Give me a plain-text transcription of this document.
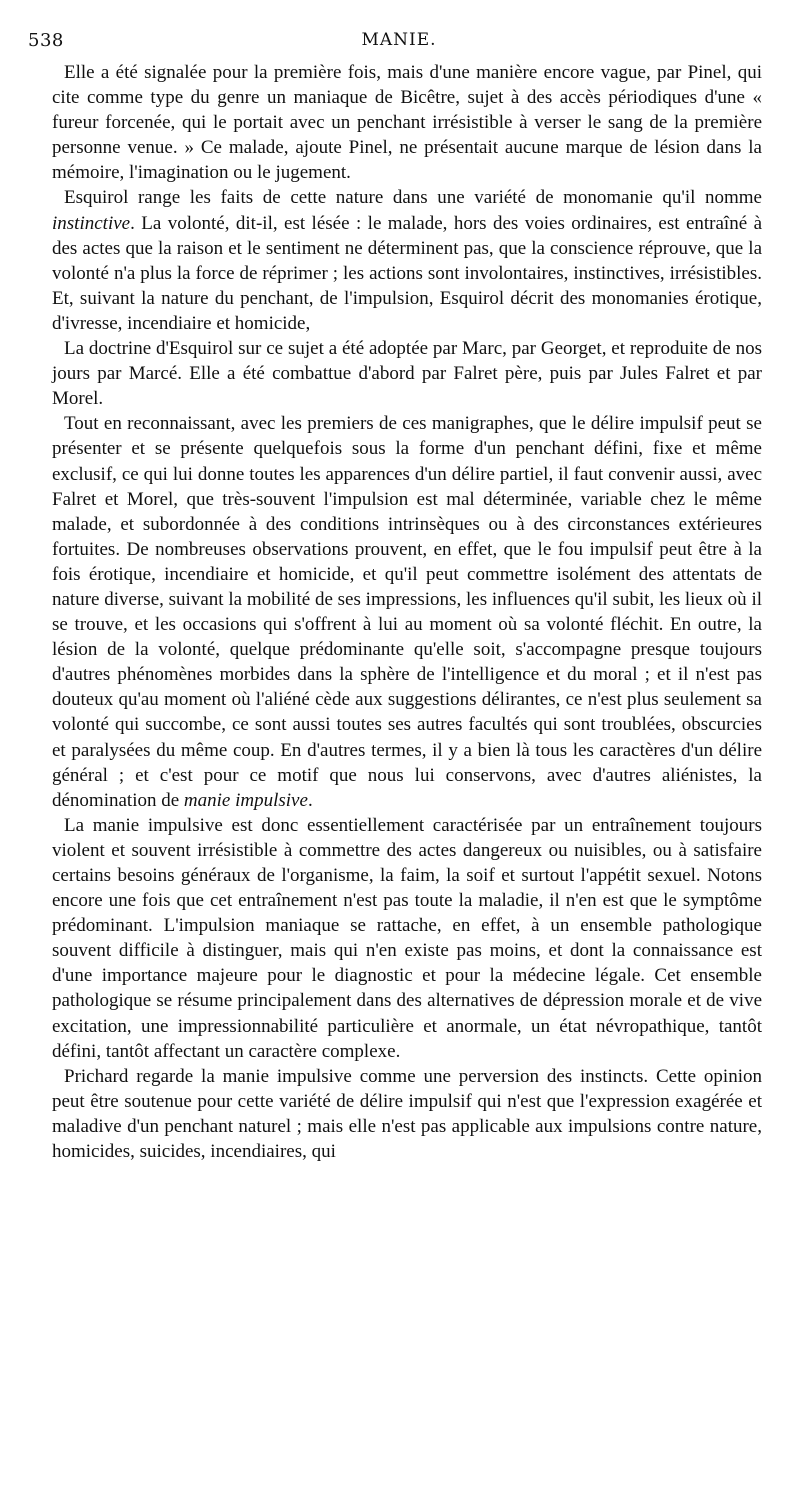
538	MANIE.

Elle a été signalée pour la première fois, mais d'une manière encore vague, par Pinel, qui cite comme type du genre un maniaque de Bicêtre, sujet à des accès périodiques d'une « fureur forcenée, qui le portait avec un penchant irrésistible à verser le sang de la première personne venue. » Ce malade, ajoute Pinel, ne présentait aucune marque de lésion dans la mémoire, l'imagination ou le jugement.

Esquirol range les faits de cette nature dans une variété de monomanie qu'il nomme instinctive. La volonté, dit-il, est lésée : le malade, hors des voies ordinaires, est entraîné à des actes que la raison et le sentiment ne déterminent pas, que la conscience réprouve, que la volonté n'a plus la force de réprimer ; les actions sont involontaires, instinctives, irrésistibles. Et, suivant la nature du penchant, de l'impulsion, Esquirol décrit des monomanies érotique, d'ivresse, incendiaire et homicide,

La doctrine d'Esquirol sur ce sujet a été adoptée par Marc, par Georget, et reproduite de nos jours par Marcé. Elle a été combattue d'abord par Falret père, puis par Jules Falret et par Morel.

Tout en reconnaissant, avec les premiers de ces manigraphes, que le délire impulsif peut se présenter et se présente quelquefois sous la forme d'un penchant défini, fixe et même exclusif, ce qui lui donne toutes les apparences d'un délire partiel, il faut convenir aussi, avec Falret et Morel, que très-souvent l'impulsion est mal déterminée, variable chez le même malade, et subordonnée à des conditions intrinsèques ou à des circonstances extérieures fortuites. De nombreuses observations prouvent, en effet, que le fou impulsif peut être à la fois érotique, incendiaire et homicide, et qu'il peut commettre isolément des attentats de nature diverse, suivant la mobilité de ses impressions, les influences qu'il subit, les lieux où il se trouve, et les occasions qui s'offrent à lui au moment où sa volonté fléchit. En outre, la lésion de la volonté, quelque prédominante qu'elle soit, s'accompagne presque toujours d'autres phénomènes morbides dans la sphère de l'intelligence et du moral ; et il n'est pas douteux qu'au moment où l'aliéné cède aux suggestions délirantes, ce n'est plus seulement sa volonté qui succombe, ce sont aussi toutes ses autres facultés qui sont troublées, obscurcies et paralysées du même coup. En d'autres termes, il y a bien là tous les caractères d'un délire général ; et c'est pour ce motif que nous lui conservons, avec d'autres aliénistes, la dénomination de manie impulsive.

La manie impulsive est donc essentiellement caractérisée par un entraînement toujours violent et souvent irrésistible à commettre des actes dangereux ou nuisibles, ou à satisfaire certains besoins généraux de l'organisme, la faim, la soif et surtout l'appétit sexuel. Notons encore une fois que cet entraînement n'est pas toute la maladie, il n'en est que le symptôme prédominant. L'impulsion maniaque se rattache, en effet, à un ensemble pathologique souvent difficile à distinguer, mais qui n'en existe pas moins, et dont la connaissance est d'une importance majeure pour le diagnostic et pour la médecine légale. Cet ensemble pathologique se résume principalement dans des alternatives de dépression morale et de vive excitation, une impressionnabilité particulière et anormale, un état névropathique, tantôt défini, tantôt affectant un caractère complexe.

Prichard regarde la manie impulsive comme une perversion des instincts. Cette opinion peut être soutenue pour cette variété de délire impulsif qui n'est que l'expression exagérée et maladive d'un penchant naturel ; mais elle n'est pas applicable aux impulsions contre nature, homicides, suicides, incendiaires, qui
